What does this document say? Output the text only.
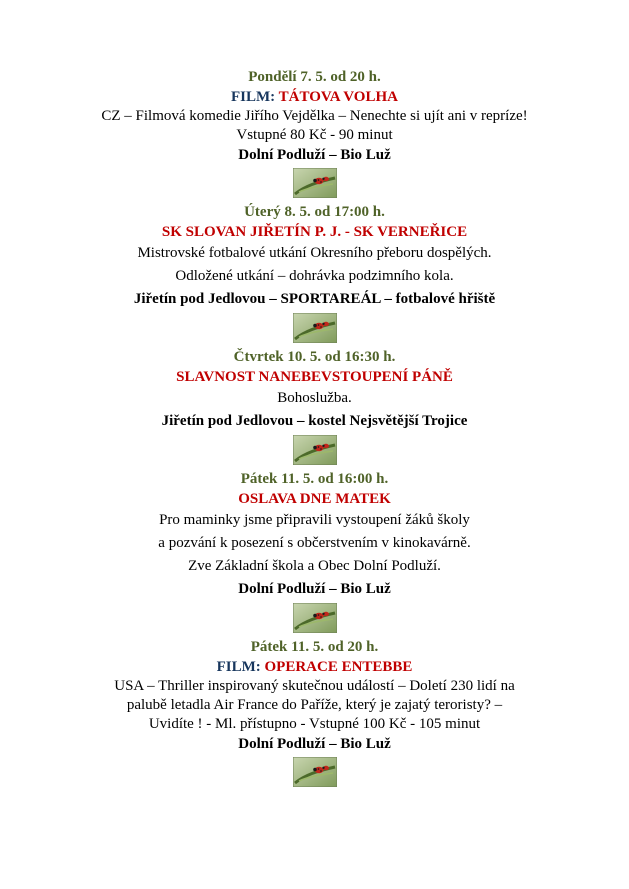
Pondělí 7. 5. od 20 h.
FILM: TÁTOVA VOLHA
CZ – Filmová komedie Jiřího Vejdělka – Nenechte si ujít ani v repríze!
Vstupné 80 Kč - 90 minut
Dolní Podluží – Bio Luž
Úterý 8. 5. od 17:00 h.
SK SLOVAN JIŘETÍN P. J. - SK VERNEŘICE
Mistrovské fotbalové utkání Okresního přeboru dospělých.
Odložené utkání – dohrávka podzimního kola.
Jiřetín pod Jedlovou – SPORTAREÁL – fotbalové hřiště
Čtvrtek 10. 5. od 16:30 h.
SLAVNOST NANEBEVSTOUPENÍ PÁNĚ
Bohoslužba.
Jiřetín pod Jedlovou – kostel Nejsvětější Trojice
Pátek 11. 5. od 16:00 h.
OSLAVA DNE MATEK
Pro maminky jsme připravili vystoupení žáků školy
a pozvání k posezení s občerstvením v kinokavárně.
Zve Základní škola a Obec Dolní Podluží.
Dolní Podluží – Bio Luž
Pátek 11. 5. od 20 h.
FILM: OPERACE ENTEBBE
USA – Thriller inspirovaný skutečnou událostí – Doletí 230 lidí na
palubě letadla Air France do Paříže, který je zajatý teroristy? –
Uvidíte ! - Ml. přístupno - Vstupné 100 Kč - 105 minut
Dolní Podluží – Bio Luž
